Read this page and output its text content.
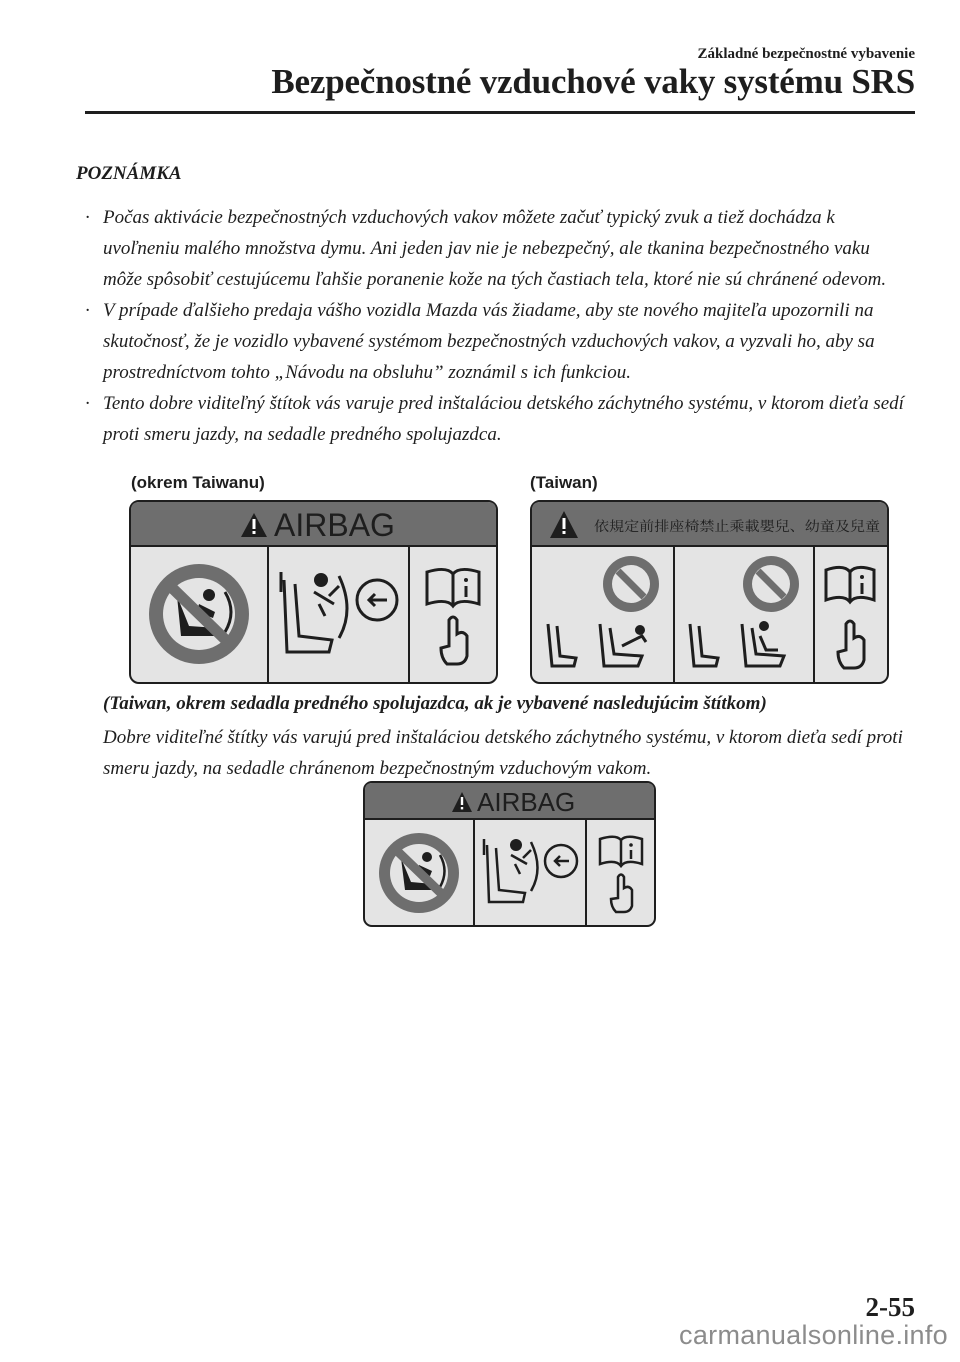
Základné bezpečnostné vybavenie
Bezpečnostné vzduchové vaky systému SRS
POZNÁMKA
· Počas aktivácie bezpečnostných vzduchových vakov môžete začuť typický zvuk a tiež dochádza k uvoľneniu malého množstva dymu. Ani jeden jav nie je nebezpečný, ale tkanina bezpečnostného vaku môže spôsobiť cestujúcemu ľahšie poranenie kože na tých častiach tela, ktoré nie sú chránené odevom.
· V prípade ďalšieho predaja vášho vozidla Mazda vás žiadame, aby ste nového majiteľa upozornili na skutočnosť, že je vozidlo vybavené systémom bezpečnostných vzduchových vakov, a vyzvali ho, aby sa prostredníctvom tohto „Návodu na obsluhu” zoznámil s ich funkciou.
· Tento dobre viditeľný štítok vás varuje pred inštaláciou detského záchytného systému, v ktorom dieťa sedí proti smeru jazdy, na sedadle predného spolujazdca.
(okrem Taiwanu)	(Taiwan)
AIRBAG	依規定前排座椅禁止乘載嬰兒、幼童及兒童
(Taiwan, okrem sedadla predného spolujazdca, ak je vybavené nasledujúcim štítkom)
Dobre viditeľné štítky vás varujú pred inštaláciou detského záchytného systému, v ktorom dieťa sedí proti smeru jazdy, na sedadle chránenom bezpečnostným vzduchovým vakom.
AIRBAG
2-55
carmanualsonline.info
